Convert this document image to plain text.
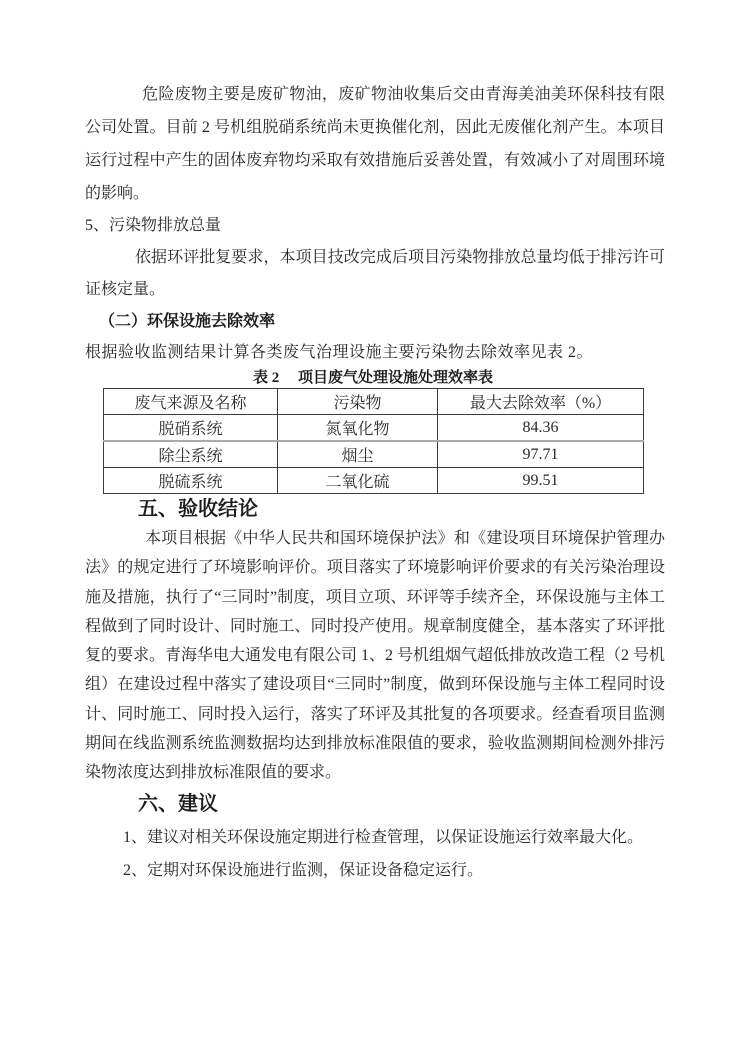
危险废物主要是废矿物油，废矿物油收集后交由青海美油美环保科技有限公司处置。目前 2 号机组脱硝系统尚未更换催化剂，因此无废催化剂产生。本项目运行过程中产生的固体废弃物均采取有效措施后妥善处置，有效减小了对周围环境的影响。

5、污染物排放总量

依据环评批复要求，本项目技改完成后项目污染物排放总量均低于排污许可证核定量。

（二）环保设施去除效率

根据验收监测结果计算各类废气治理设施主要污染物去除效率见表 2。

表 2　 项目废气处理设施处理效率表
废气来源及名称	污染物	最大去除效率（%）
脱硝系统	氮氧化物	84.36
除尘系统	烟尘	97.71
脱硫系统	二氧化硫	99.51
五、验收结论

本项目根据《中华人民共和国环境保护法》和《建设项目环境保护管理办法》的规定进行了环境影响评价。项目落实了环境影响评价要求的有关污染治理设施及措施，执行了“三同时”制度，项目立项、环评等手续齐全，环保设施与主体工程做到了同时设计、同时施工、同时投产使用。规章制度健全，基本落实了环评批复的要求。青海华电大通发电有限公司 1、2 号机组烟气超低排放改造工程（2 号机组）在建设过程中落实了建设项目“三同时”制度，做到环保设施与主体工程同时设计、同时施工、同时投入运行，落实了环评及其批复的各项要求。经查看项目监测期间在线监测系统监测数据均达到排放标准限值的要求，验收监测期间检测外排污染物浓度达到排放标准限值的要求。

六、建议

1、建议对相关环保设施定期进行检查管理，以保证设施运行效率最大化。

2、定期对环保设施进行监测，保证设备稳定运行。
